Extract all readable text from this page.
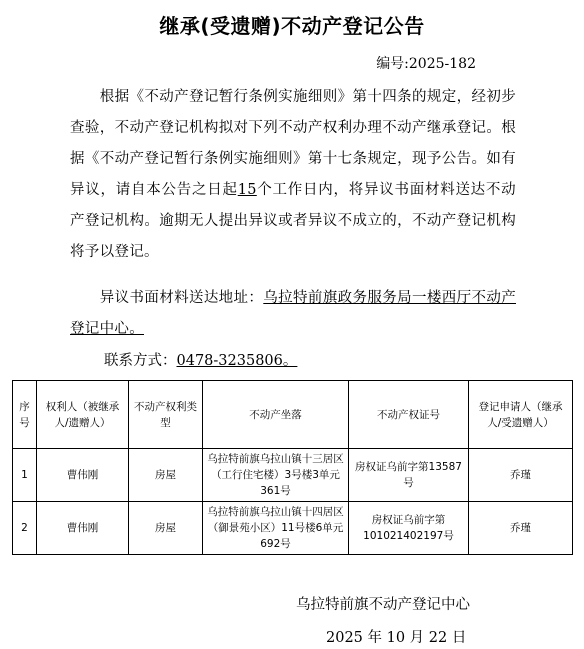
继承(受遗赠)不动产登记公告
编号:2025-182
　　根据《不动产登记暂行条例实施细则》第十四条的规定，经初步查验，不动产登记机构拟对下列不动产权利办理不动产继承登记。根据《不动产登记暂行条例实施细则》第十七条规定，现予公告。如有异议，请自本公告之日起15个工作日内，将异议书面材料送达不动产登记机构。逾期无人提出异议或者异议不成立的，不动产登记机构将予以登记。
　　异议书面材料送达地址：乌拉特前旗政务服务局一楼西厅不动产登记中心。
联系方式：0478-3235806。
序号	权利人（被继承人/遗赠人）	不动产权利类型	不动产坐落	不动产权证号	登记申请人（继承人/受遗赠人）
1	曹伟刚	房屋	乌拉特前旗乌拉山镇十三居区（工行住宅楼）3号楼3单元361号	房权证乌前字第13587号	乔瑾
2	曹伟刚	房屋	乌拉特前旗乌拉山镇十四居区（御景苑小区）11号楼6单元692号	房权证乌前字第101021402197号	乔瑾
乌拉特前旗不动产登记中心
2025 年 10 月 22 日
